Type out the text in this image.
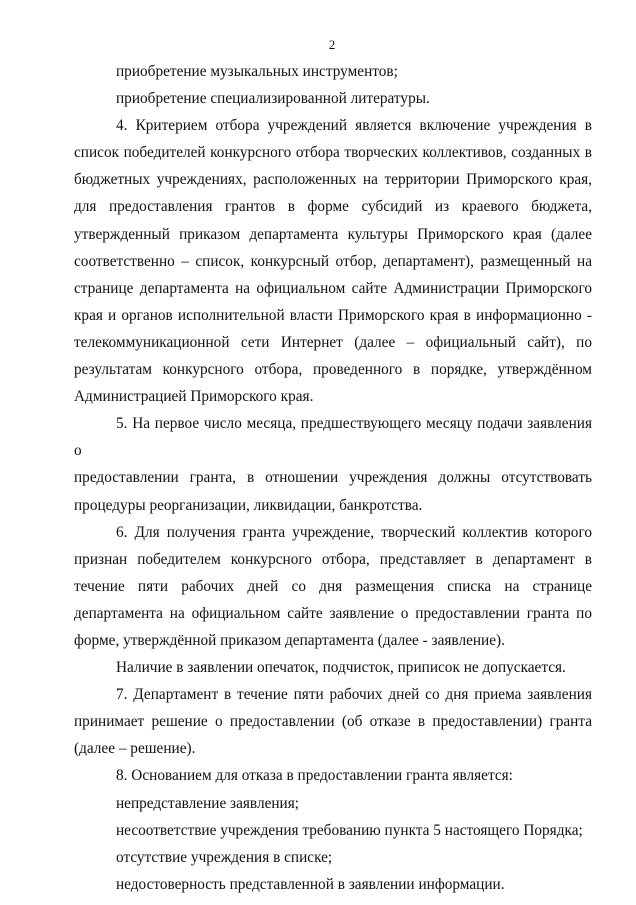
2

приобретение музыкальных инструментов;

приобретение специализированной литературы.

4. Критерием отбора учреждений является включение учреждения в
список победителей конкурсного отбора творческих коллективов, созданных в
бюджетных учреждениях, расположенных на территории Приморского края,
для предоставления грантов в форме субсидий из краевого бюджета,
утвержденный приказом департамента культуры Приморского края (далее
соответственно – список, конкурсный отбор, департамент), размещенный на
странице департамента на официальном сайте Администрации Приморского
края и органов исполнительной власти Приморского края в информационно -
телекоммуникационной сети Интернет (далее – официальный сайт), по
результатам конкурсного отбора, проведенного в порядке, утверждённом
Администрацией Приморского края.

5. На первое число месяца, предшествующего месяцу подачи заявления о
предоставлении гранта, в отношении учреждения должны отсутствовать
процедуры реорганизации, ликвидации, банкротства.

6. Для получения гранта учреждение, творческий коллектив которого
признан победителем конкурсного отбора, представляет в департамент в
течение пяти рабочих дней со дня размещения списка на странице
департамента на официальном сайте заявление о предоставлении гранта по
форме, утверждённой приказом департамента (далее - заявление).

Наличие в заявлении опечаток, подчисток, приписок не допускается.

7. Департамент в течение пяти рабочих дней со дня приема заявления
принимает решение о предоставлении (об отказе в предоставлении) гранта
(далее – решение).

8. Основанием для отказа в предоставлении гранта является:

непредставление заявления;

несоответствие учреждения требованию пункта 5 настоящего Порядка;

отсутствие учреждения в списке;

недостоверность представленной в заявлении информации.
